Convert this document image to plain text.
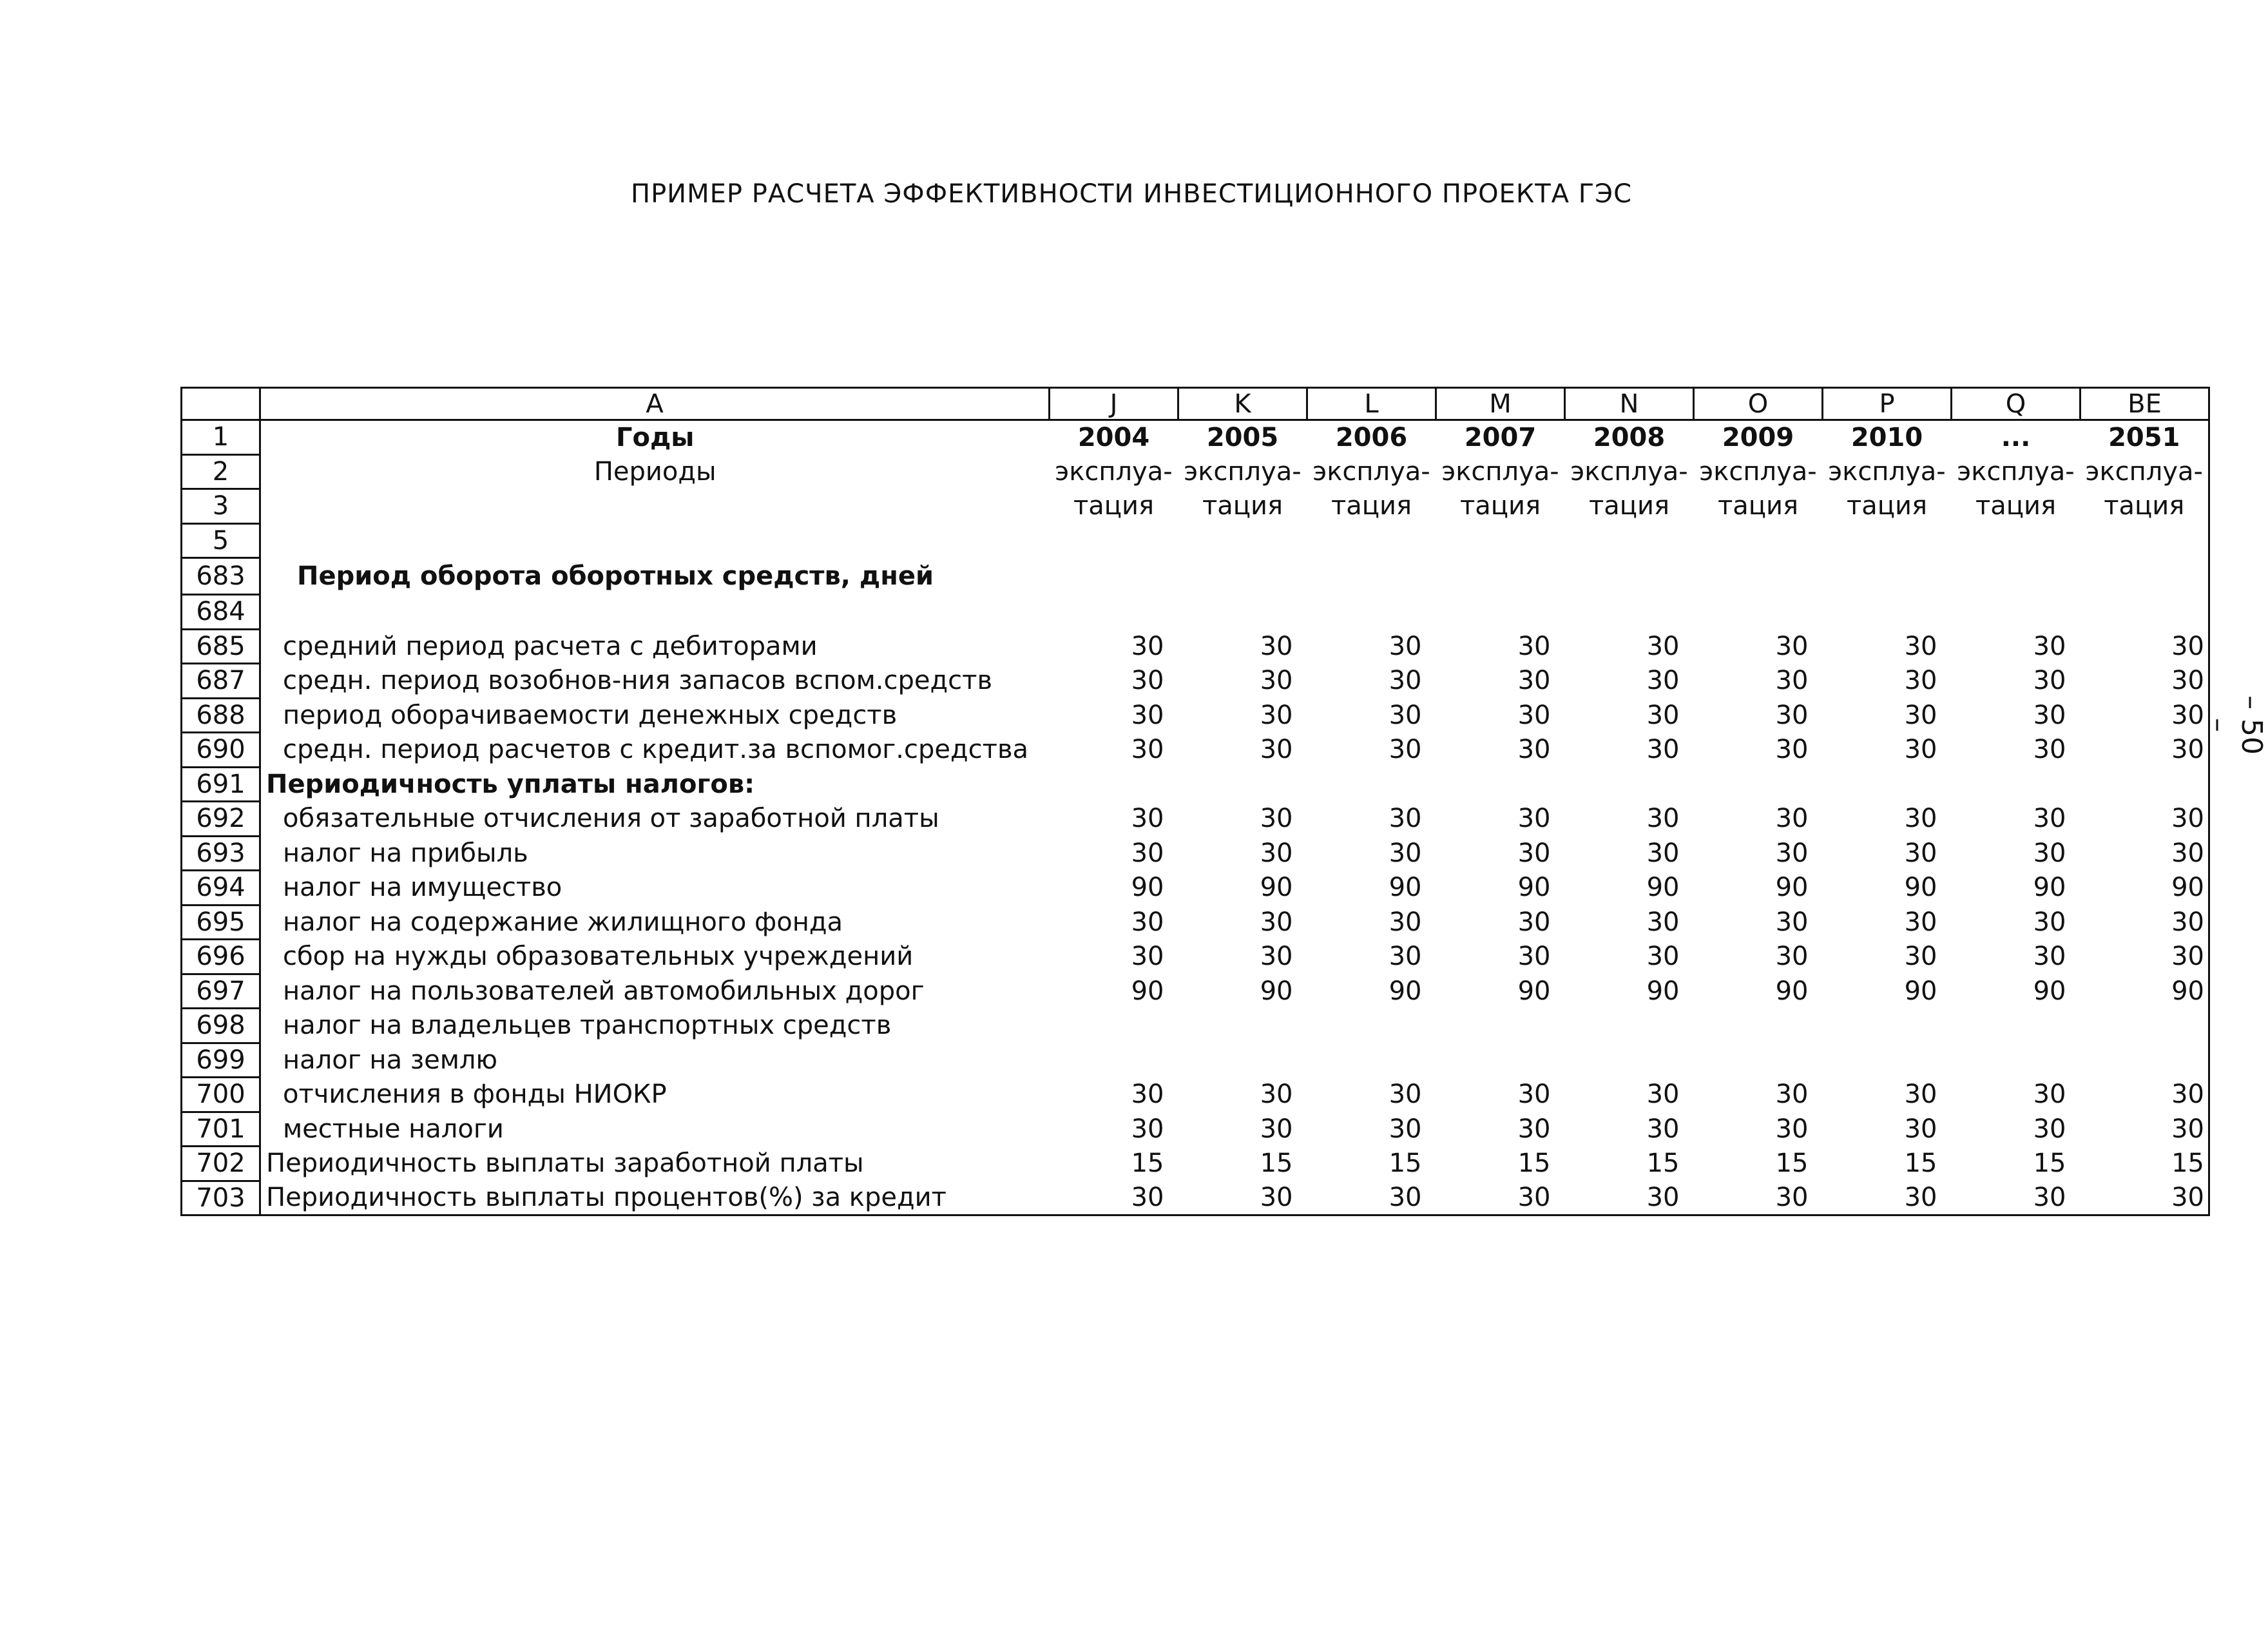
ПРИМЕР РАСЧЕТА ЭФФЕКТИВНОСТИ ИНВЕСТИЦИОННОГО ПРОЕКТА ГЭС
	A	J	K	L	M	N	O	P	Q	BE
1	Годы	2004	2005	2006	2007	2008	2009	2010	...	2051
2	Периоды	эксплуа-	эксплуа-	эксплуа-	эксплуа-	эксплуа-	эксплуа-	эксплуа-	эксплуа-	эксплуа-
3		тация	тация	тация	тация	тация	тация	тация	тация	тация
5										
683	Период оборота оборотных средств, дней									
684										
685	средний период расчета с дебиторами	30	30	30	30	30	30	30	30	30
687	средн. период возобнов-ния запасов вспом.средств	30	30	30	30	30	30	30	30	30
688	период оборачиваемости денежных средств	30	30	30	30	30	30	30	30	30
690	средн. период расчетов с кредит.за вспомог.средства	30	30	30	30	30	30	30	30	30
691	Периодичность уплаты налогов:									
692	обязательные отчисления от заработной платы	30	30	30	30	30	30	30	30	30
693	налог на прибыль	30	30	30	30	30	30	30	30	30
694	налог на имущество	90	90	90	90	90	90	90	90	90
695	налог на содержание жилищного фонда	30	30	30	30	30	30	30	30	30
696	сбор на нужды образовательных учреждений	30	30	30	30	30	30	30	30	30
697	налог на пользователей автомобильных дорог	90	90	90	90	90	90	90	90	90
698	налог на владельцев транспортных средств									
699	налог на землю									
700	отчисления в фонды НИОКР	30	30	30	30	30	30	30	30	30
701	местные налоги	30	30	30	30	30	30	30	30	30
702	Периодичность выплаты заработной платы	15	15	15	15	15	15	15	15	15
703	Периодичность выплаты процентов(%) за кредит	30	30	30	30	30	30	30	30	30
– 50 –
